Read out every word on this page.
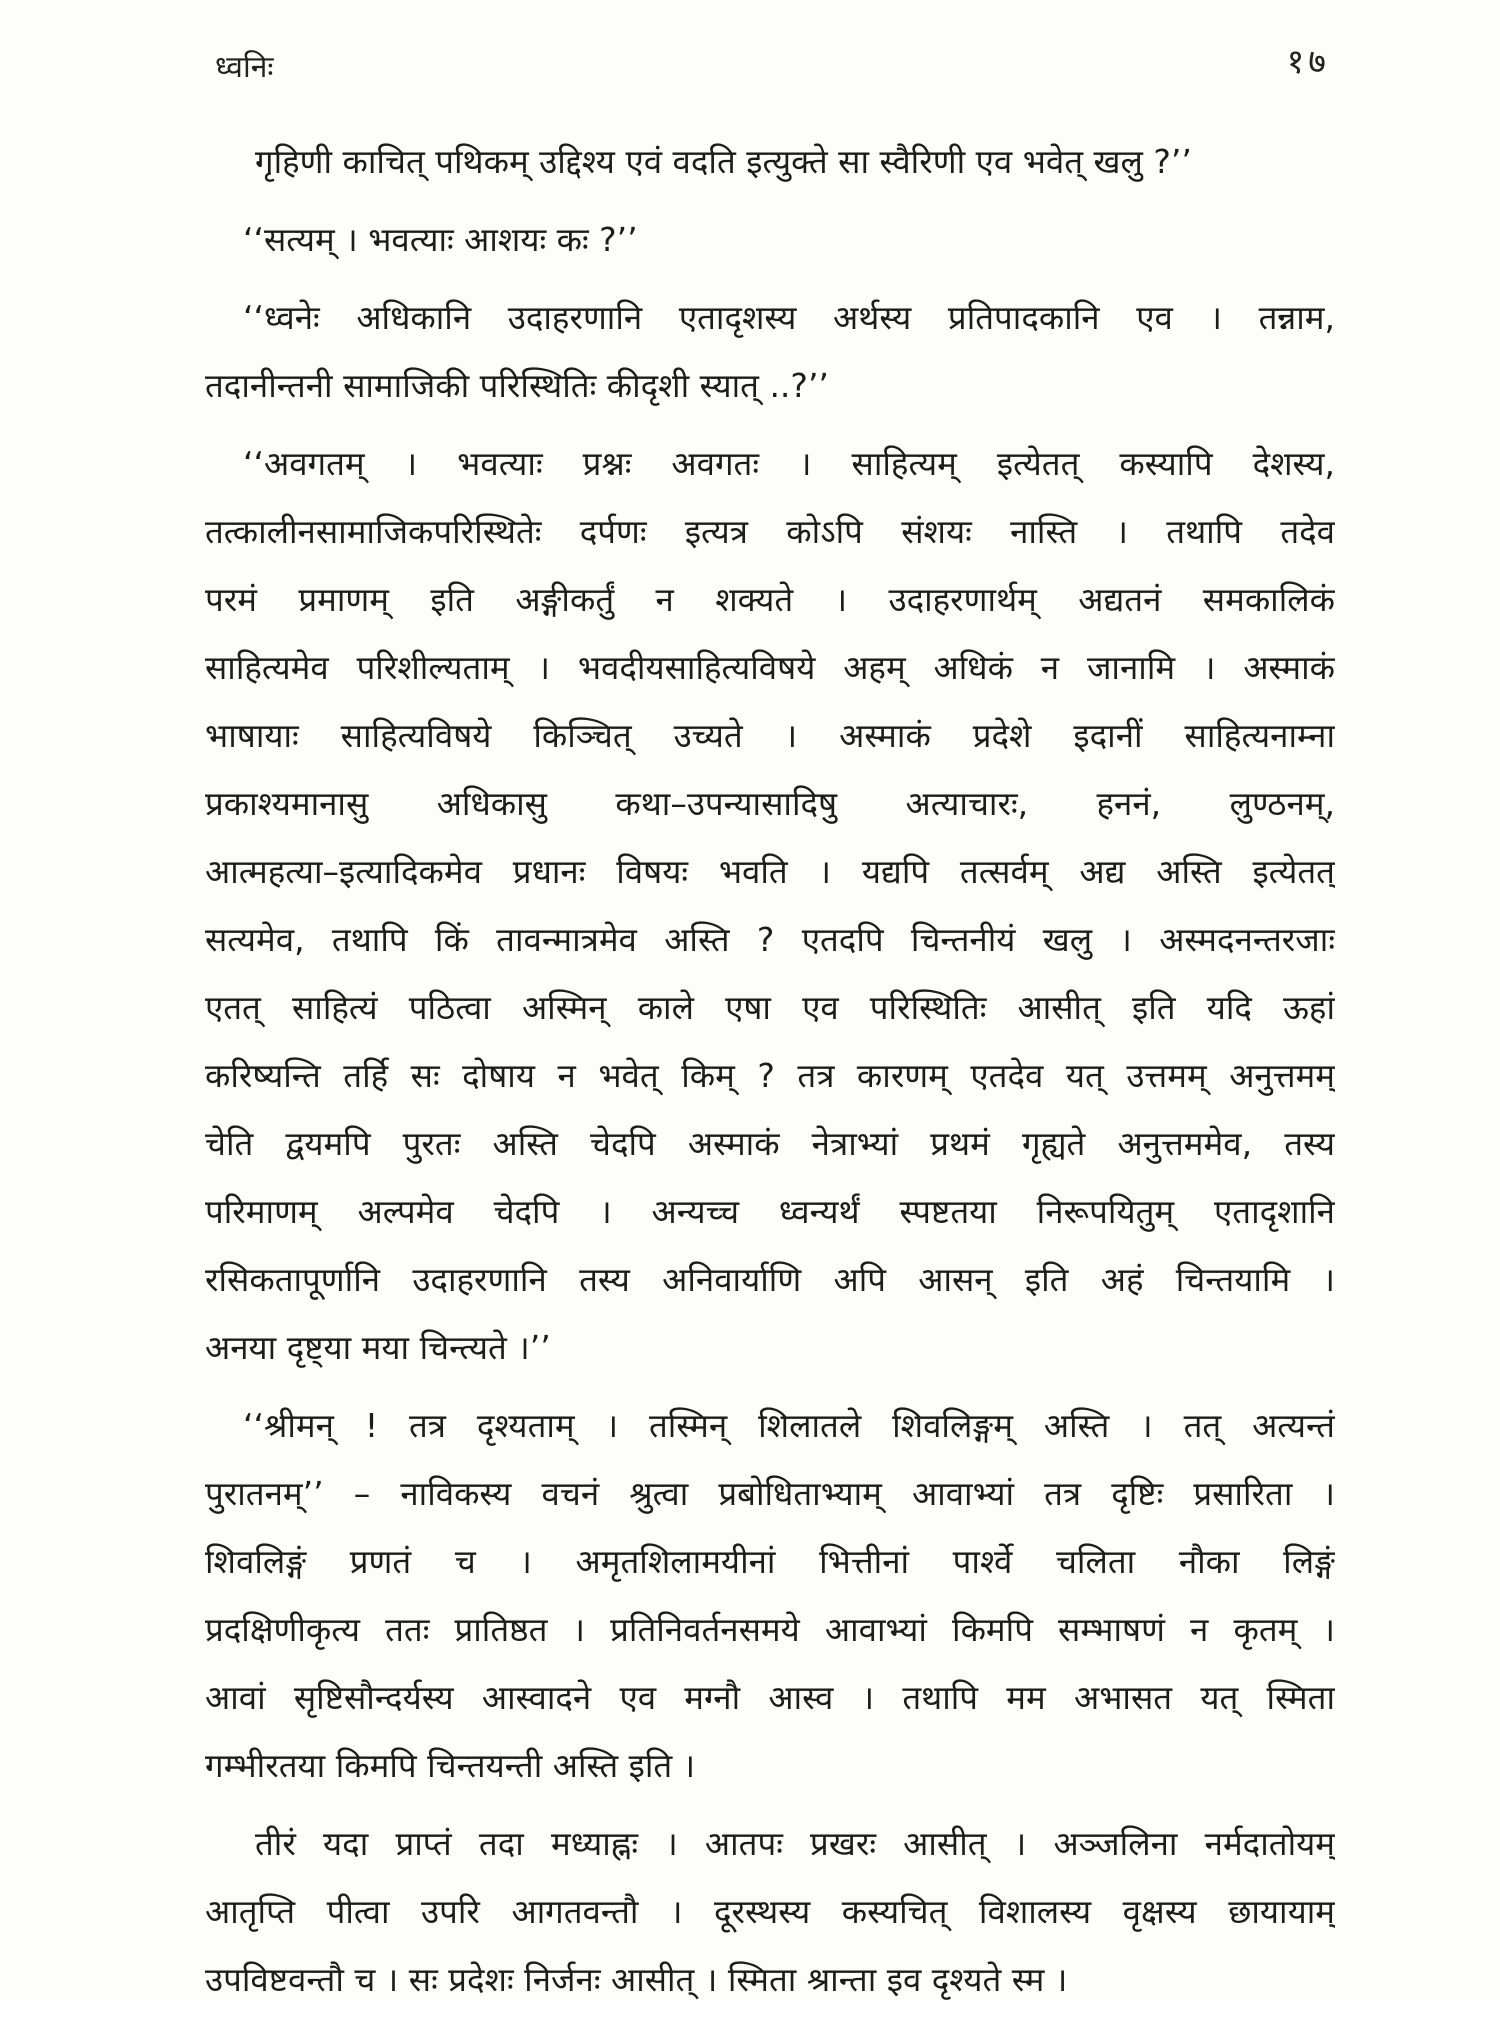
ध्वनिः	१७
गृहिणी काचित् पथिकम् उद्दिश्य एवं वदति इत्युक्ते सा स्वैरिणी एव भवेत् खलु ?’’
‘‘सत्यम् । भवत्याः आशयः कः ?’’
‘‘ध्वनेः अधिकानि उदाहरणानि एतादृशस्य अर्थस्य प्रतिपादकानि एव । तन्नाम,
तदानीन्तनी सामाजिकी परिस्थितिः कीदृशी स्यात् ..?’’
‘‘अवगतम् । भवत्याः प्रश्नः अवगतः । साहित्यम् इत्येतत् कस्यापि देशस्य,
तत्कालीनसामाजिकपरिस्थितेः दर्पणः इत्यत्र कोऽपि संशयः नास्ति । तथापि तदेव
परमं प्रमाणम् इति अङ्गीकर्तुं न शक्यते । उदाहरणार्थम् अद्यतनं समकालिकं
साहित्यमेव परिशील्यताम् । भवदीयसाहित्यविषये अहम् अधिकं न जानामि । अस्माकं
भाषायाः साहित्यविषये किञ्चित् उच्यते । अस्माकं प्रदेशे इदानीं साहित्यनाम्ना
प्रकाश्यमानासु अधिकासु कथा–उपन्यासादिषु अत्याचारः, हननं, लुण्ठनम्,
आत्महत्या–इत्यादिकमेव प्रधानः विषयः भवति । यद्यपि तत्सर्वम् अद्य अस्ति इत्येतत्
सत्यमेव, तथापि किं तावन्मात्रमेव अस्ति ? एतदपि चिन्तनीयं खलु । अस्मदनन्तरजाः
एतत् साहित्यं पठित्वा अस्मिन् काले एषा एव परिस्थितिः आसीत् इति यदि ऊहां
करिष्यन्ति तर्हि सः दोषाय न भवेत् किम् ? तत्र कारणम् एतदेव यत् उत्तमम् अनुत्तमम्
चेति द्वयमपि पुरतः अस्ति चेदपि अस्माकं नेत्राभ्यां प्रथमं गृह्यते अनुत्तममेव, तस्य
परिमाणम् अल्पमेव चेदपि । अन्यच्च ध्वन्यर्थं स्पष्टतया निरूपयितुम् एतादृशानि
रसिकतापूर्णानि उदाहरणानि तस्य अनिवार्याणि अपि आसन् इति अहं चिन्तयामि ।
अनया दृष्ट्या मया चिन्त्यते ।’’
‘‘श्रीमन् ! तत्र दृश्यताम् । तस्मिन् शिलातले शिवलिङ्गम् अस्ति । तत् अत्यन्तं
पुरातनम्’’ – नाविकस्य वचनं श्रुत्वा प्रबोधिताभ्याम् आवाभ्यां तत्र दृष्टिः प्रसारिता ।
शिवलिङ्गं प्रणतं च । अमृतशिलामयीनां भित्तीनां पार्श्वे चलिता नौका लिङ्गं
प्रदक्षिणीकृत्य ततः प्रातिष्ठत । प्रतिनिवर्तनसमये आवाभ्यां किमपि सम्भाषणं न कृतम् ।
आवां सृष्टिसौन्दर्यस्य आस्वादने एव मग्नौ आस्व । तथापि मम अभासत यत् स्मिता
गम्भीरतया किमपि चिन्तयन्ती अस्ति इति ।
तीरं यदा प्राप्तं तदा मध्याह्नः । आतपः प्रखरः आसीत् । अञ्जलिना नर्मदातोयम्
आतृप्ति पीत्वा उपरि आगतवन्तौ । दूरस्थस्य कस्यचित् विशालस्य वृक्षस्य छायायाम्
उपविष्टवन्तौ च । सः प्रदेशः निर्जनः आसीत् । स्मिता श्रान्ता इव दृश्यते स्म ।
